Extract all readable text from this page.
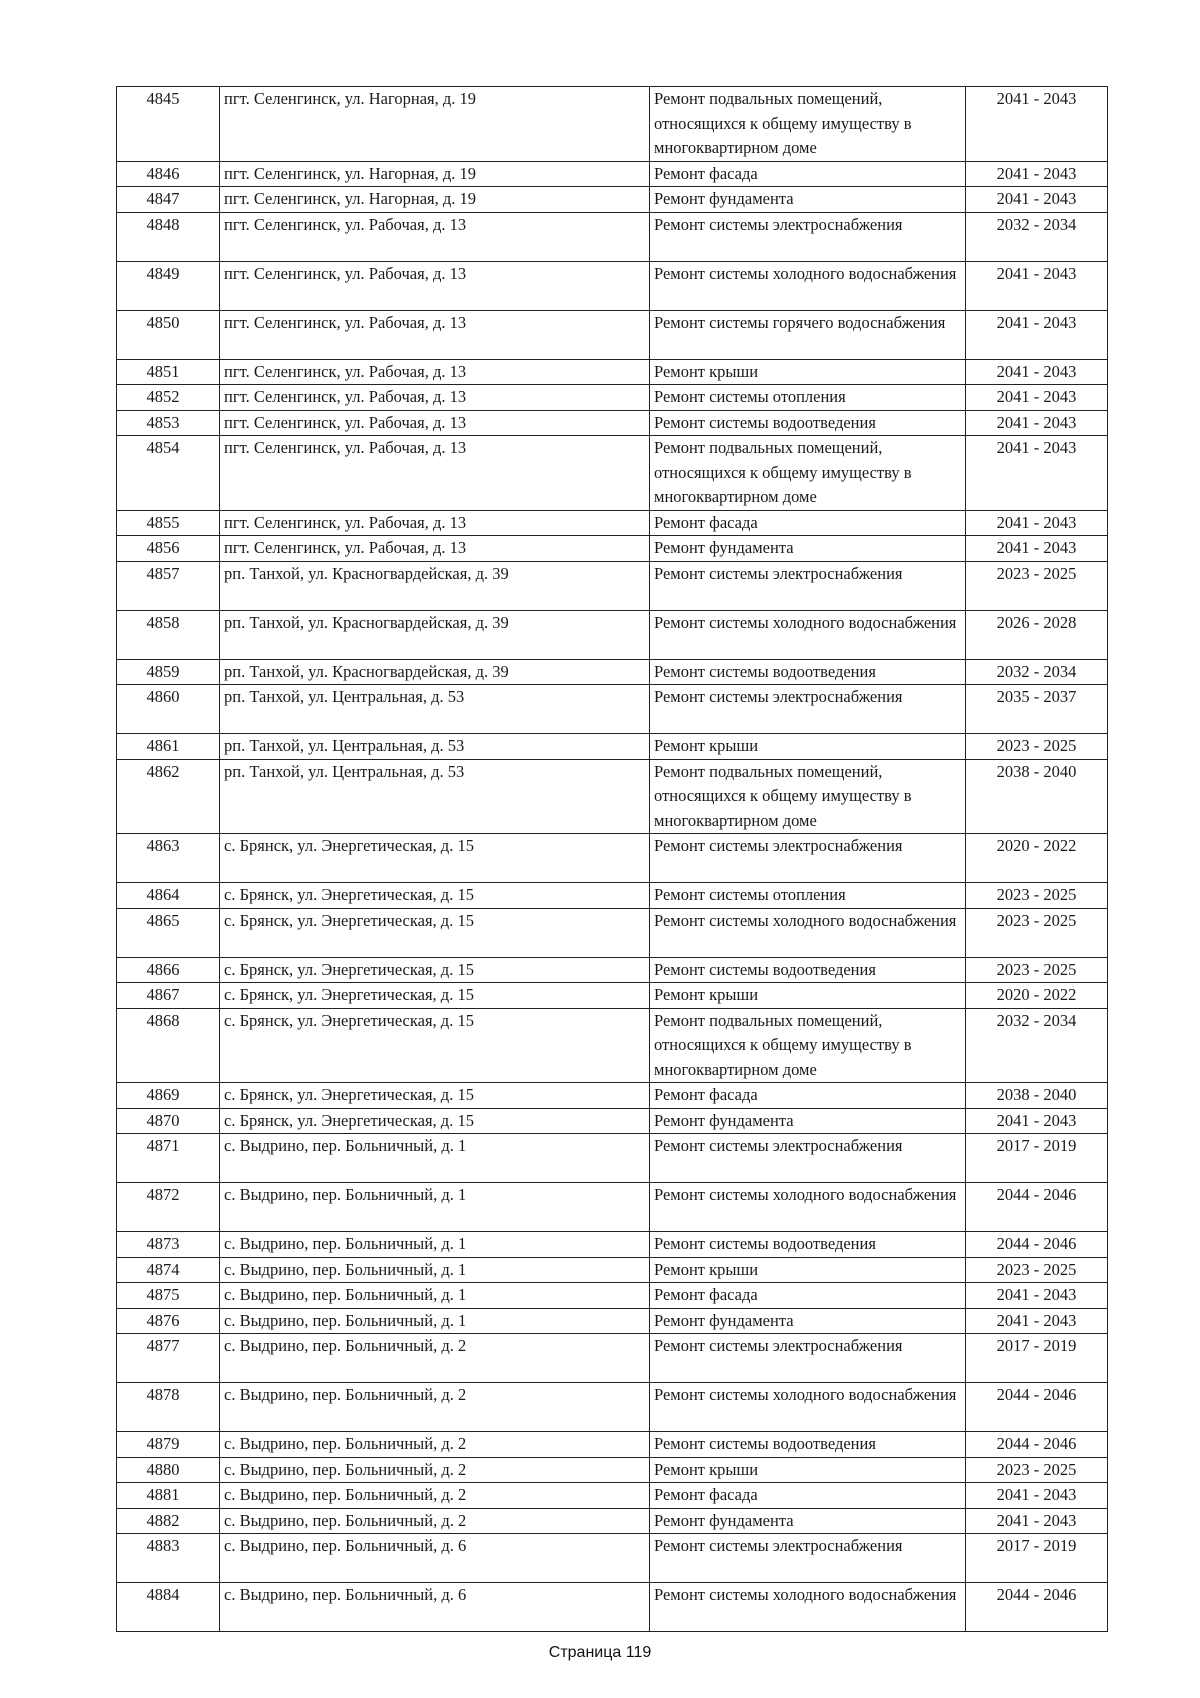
4845	пгт. Селенгинск, ул. Нагорная, д. 19	Ремонт подвальных помещений, относящихся к общему имуществу в многоквартирном доме	2041 - 2043
4846	пгт. Селенгинск, ул. Нагорная, д. 19	Ремонт фасада	2041 - 2043
4847	пгт. Селенгинск, ул. Нагорная, д. 19	Ремонт фундамента	2041 - 2043
4848	пгт. Селенгинск, ул. Рабочая, д. 13	Ремонт системы электроснабжения	2032 - 2034
4849	пгт. Селенгинск, ул. Рабочая, д. 13	Ремонт системы холодного водоснабжения	2041 - 2043
4850	пгт. Селенгинск, ул. Рабочая, д. 13	Ремонт системы горячего водоснабжения	2041 - 2043
4851	пгт. Селенгинск, ул. Рабочая, д. 13	Ремонт крыши	2041 - 2043
4852	пгт. Селенгинск, ул. Рабочая, д. 13	Ремонт системы отопления	2041 - 2043
4853	пгт. Селенгинск, ул. Рабочая, д. 13	Ремонт системы водоотведения	2041 - 2043
4854	пгт. Селенгинск, ул. Рабочая, д. 13	Ремонт подвальных помещений, относящихся к общему имуществу в многоквартирном доме	2041 - 2043
4855	пгт. Селенгинск, ул. Рабочая, д. 13	Ремонт фасада	2041 - 2043
4856	пгт. Селенгинск, ул. Рабочая, д. 13	Ремонт фундамента	2041 - 2043
4857	рп. Танхой, ул. Красногвардейская, д. 39	Ремонт системы электроснабжения	2023 - 2025
4858	рп. Танхой, ул. Красногвардейская, д. 39	Ремонт системы холодного водоснабжения	2026 - 2028
4859	рп. Танхой, ул. Красногвардейская, д. 39	Ремонт системы водоотведения	2032 - 2034
4860	рп. Танхой, ул. Центральная, д. 53	Ремонт системы электроснабжения	2035 - 2037
4861	рп. Танхой, ул. Центральная, д. 53	Ремонт крыши	2023 - 2025
4862	рп. Танхой, ул. Центральная, д. 53	Ремонт подвальных помещений, относящихся к общему имуществу в многоквартирном доме	2038 - 2040
4863	с. Брянск, ул. Энергетическая, д. 15	Ремонт системы электроснабжения	2020 - 2022
4864	с. Брянск, ул. Энергетическая, д. 15	Ремонт системы отопления	2023 - 2025
4865	с. Брянск, ул. Энергетическая, д. 15	Ремонт системы холодного водоснабжения	2023 - 2025
4866	с. Брянск, ул. Энергетическая, д. 15	Ремонт системы водоотведения	2023 - 2025
4867	с. Брянск, ул. Энергетическая, д. 15	Ремонт крыши	2020 - 2022
4868	с. Брянск, ул. Энергетическая, д. 15	Ремонт подвальных помещений, относящихся к общему имуществу в многоквартирном доме	2032 - 2034
4869	с. Брянск, ул. Энергетическая, д. 15	Ремонт фасада	2038 - 2040
4870	с. Брянск, ул. Энергетическая, д. 15	Ремонт фундамента	2041 - 2043
4871	с. Выдрино, пер. Больничный, д. 1	Ремонт системы электроснабжения	2017 - 2019
4872	с. Выдрино, пер. Больничный, д. 1	Ремонт системы холодного водоснабжения	2044 - 2046
4873	с. Выдрино, пер. Больничный, д. 1	Ремонт системы водоотведения	2044 - 2046
4874	с. Выдрино, пер. Больничный, д. 1	Ремонт крыши	2023 - 2025
4875	с. Выдрино, пер. Больничный, д. 1	Ремонт фасада	2041 - 2043
4876	с. Выдрино, пер. Больничный, д. 1	Ремонт фундамента	2041 - 2043
4877	с. Выдрино, пер. Больничный, д. 2	Ремонт системы электроснабжения	2017 - 2019
4878	с. Выдрино, пер. Больничный, д. 2	Ремонт системы холодного водоснабжения	2044 - 2046
4879	с. Выдрино, пер. Больничный, д. 2	Ремонт системы водоотведения	2044 - 2046
4880	с. Выдрино, пер. Больничный, д. 2	Ремонт крыши	2023 - 2025
4881	с. Выдрино, пер. Больничный, д. 2	Ремонт фасада	2041 - 2043
4882	с. Выдрино, пер. Больничный, д. 2	Ремонт фундамента	2041 - 2043
4883	с. Выдрино, пер. Больничный, д. 6	Ремонт системы электроснабжения	2017 - 2019
4884	с. Выдрино, пер. Больничный, д. 6	Ремонт системы холодного водоснабжения	2044 - 2046
Страница 119
